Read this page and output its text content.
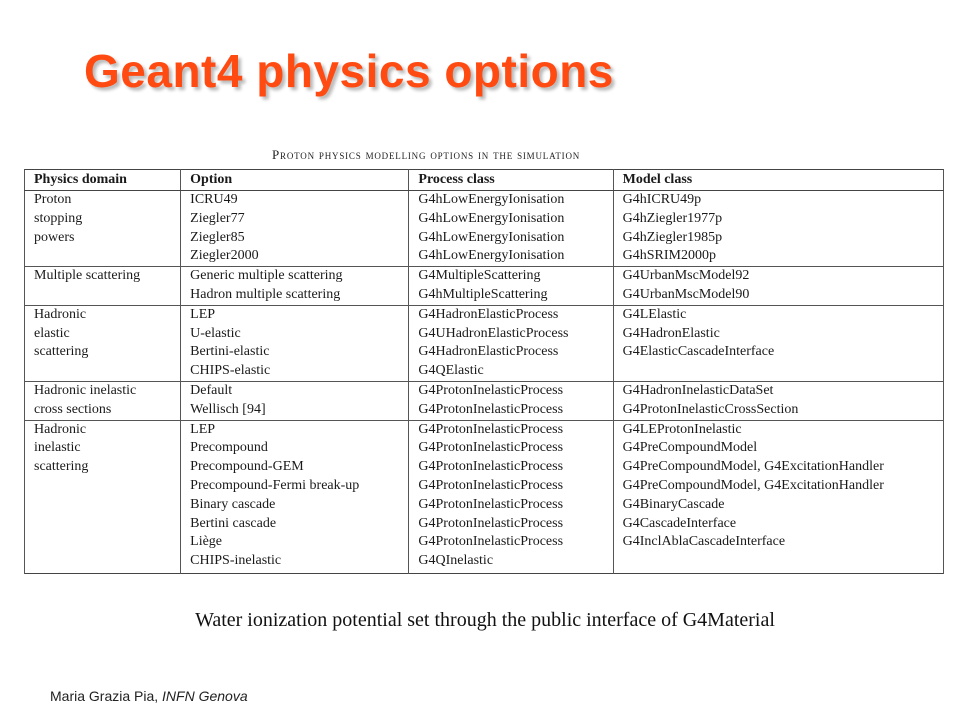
Geant4 physics options
Proton physics modelling options in the simulation
Physics domain	Option	Process class	Model class

Proton
stopping
powers	ICRU49	G4hLowEnergyIonisation	G4hICRU49p
	Ziegler77	G4hLowEnergyIonisation	G4hZiegler1977p
	Ziegler85	G4hLowEnergyIonisation	G4hZiegler1985p
	Ziegler2000	G4hLowEnergyIonisation	G4hSRIM2000p

Multiple scattering	Generic multiple scattering	G4MultipleScattering	G4UrbanMscModel92
	Hadron multiple scattering	G4hMultipleScattering	G4UrbanMscModel90

Hadronic
elastic
scattering	LEP	G4HadronElasticProcess	G4LElastic
	U-elastic	G4UHadronElasticProcess	G4HadronElastic
	Bertini-elastic	G4HadronElasticProcess	G4ElasticCascadeInterface
	CHIPS-elastic	G4QElastic	

Hadronic inelastic
cross sections	Default	G4ProtonInelasticProcess	G4HadronInelasticDataSet
	Wellisch [94]	G4ProtonInelasticProcess	G4ProtonInelasticCrossSection

Hadronic
inelastic
scattering	LEP	G4ProtonInelasticProcess	G4LEProtonInelastic
	Precompound	G4ProtonInelasticProcess	G4PreCompoundModel
	Precompound-GEM	G4ProtonInelasticProcess	G4PreCompoundModel, G4ExcitationHandler
	Precompound-Fermi break-up	G4ProtonInelasticProcess	G4PreCompoundModel, G4ExcitationHandler
	Binary cascade	G4ProtonInelasticProcess	G4BinaryCascade
	Bertini cascade	G4ProtonInelasticProcess	G4CascadeInterface
	Liège	G4ProtonInelasticProcess	G4InclAblaCascadeInterface
	CHIPS-inelastic	G4QInelastic	
Water ionization potential set through the public interface of G4Material
Maria Grazia Pia, INFN Genova
